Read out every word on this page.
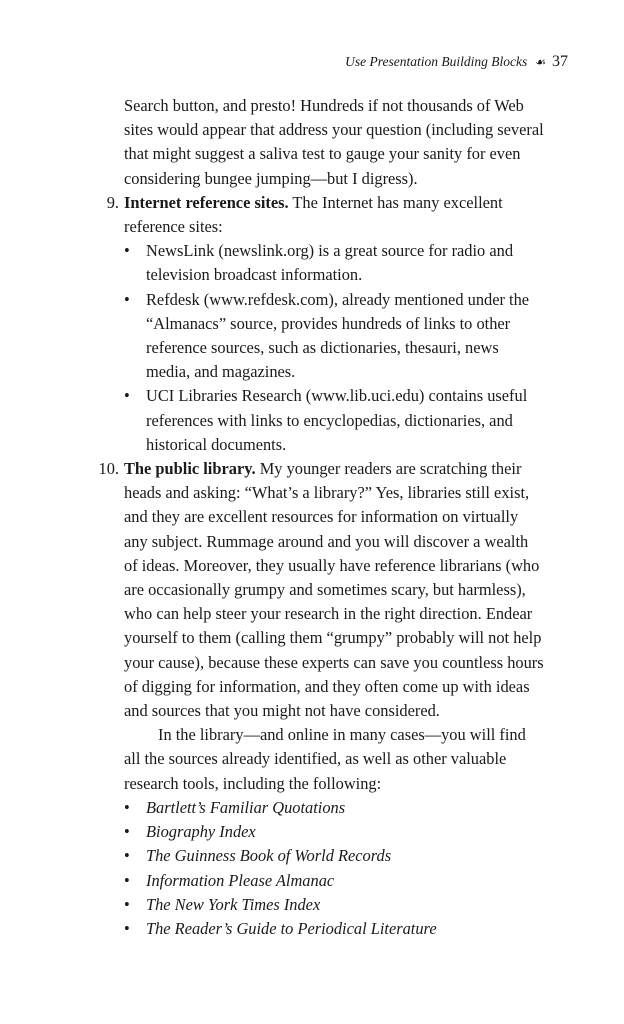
Use Presentation Building Blocks ☙ 37

Search button, and presto! Hundreds if not thousands of Web
sites would appear that address your question (including several
that might suggest a saliva test to gauge your sanity for even
considering bungee jumping—but I digress).

9. Internet reference sites. The Internet has many excellent
reference sites:
• NewsLink (newslink.org) is a great source for radio and
television broadcast information.
• Refdesk (www.refdesk.com), already mentioned under the
“Almanacs” source, provides hundreds of links to other
reference sources, such as dictionaries, thesauri, news
media, and magazines.
• UCI Libraries Research (www.lib.uci.edu) contains useful
references with links to encyclopedias, dictionaries, and
historical documents.
10. The public library. My younger readers are scratching their
heads and asking: “What’s a library?” Yes, libraries still exist,
and they are excellent resources for information on virtually
any subject. Rummage around and you will discover a wealth
of ideas. Moreover, they usually have reference librarians (who
are occasionally grumpy and sometimes scary, but harmless),
who can help steer your research in the right direction. Endear
yourself to them (calling them “grumpy” probably will not help
your cause), because these experts can save you countless hours
of digging for information, and they often come up with ideas
and sources that you might not have considered.

In the library—and online in many cases—you will find
all the sources already identified, as well as other valuable
research tools, including the following:

• Bartlett’s Familiar Quotations
• Biography Index
• The Guinness Book of World Records
• Information Please Almanac
• The New York Times Index
• The Reader’s Guide to Periodical Literature
